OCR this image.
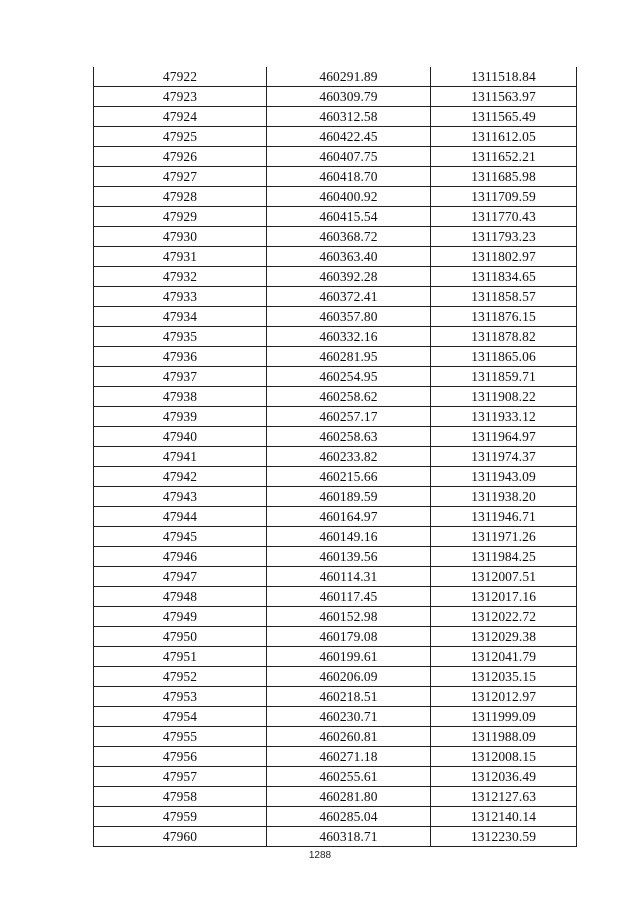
47922	460291.89	1311518.84
47923	460309.79	1311563.97
47924	460312.58	1311565.49
47925	460422.45	1311612.05
47926	460407.75	1311652.21
47927	460418.70	1311685.98
47928	460400.92	1311709.59
47929	460415.54	1311770.43
47930	460368.72	1311793.23
47931	460363.40	1311802.97
47932	460392.28	1311834.65
47933	460372.41	1311858.57
47934	460357.80	1311876.15
47935	460332.16	1311878.82
47936	460281.95	1311865.06
47937	460254.95	1311859.71
47938	460258.62	1311908.22
47939	460257.17	1311933.12
47940	460258.63	1311964.97
47941	460233.82	1311974.37
47942	460215.66	1311943.09
47943	460189.59	1311938.20
47944	460164.97	1311946.71
47945	460149.16	1311971.26
47946	460139.56	1311984.25
47947	460114.31	1312007.51
47948	460117.45	1312017.16
47949	460152.98	1312022.72
47950	460179.08	1312029.38
47951	460199.61	1312041.79
47952	460206.09	1312035.15
47953	460218.51	1312012.97
47954	460230.71	1311999.09
47955	460260.81	1311988.09
47956	460271.18	1312008.15
47957	460255.61	1312036.49
47958	460281.80	1312127.63
47959	460285.04	1312140.14
47960	460318.71	1312230.59
1288
